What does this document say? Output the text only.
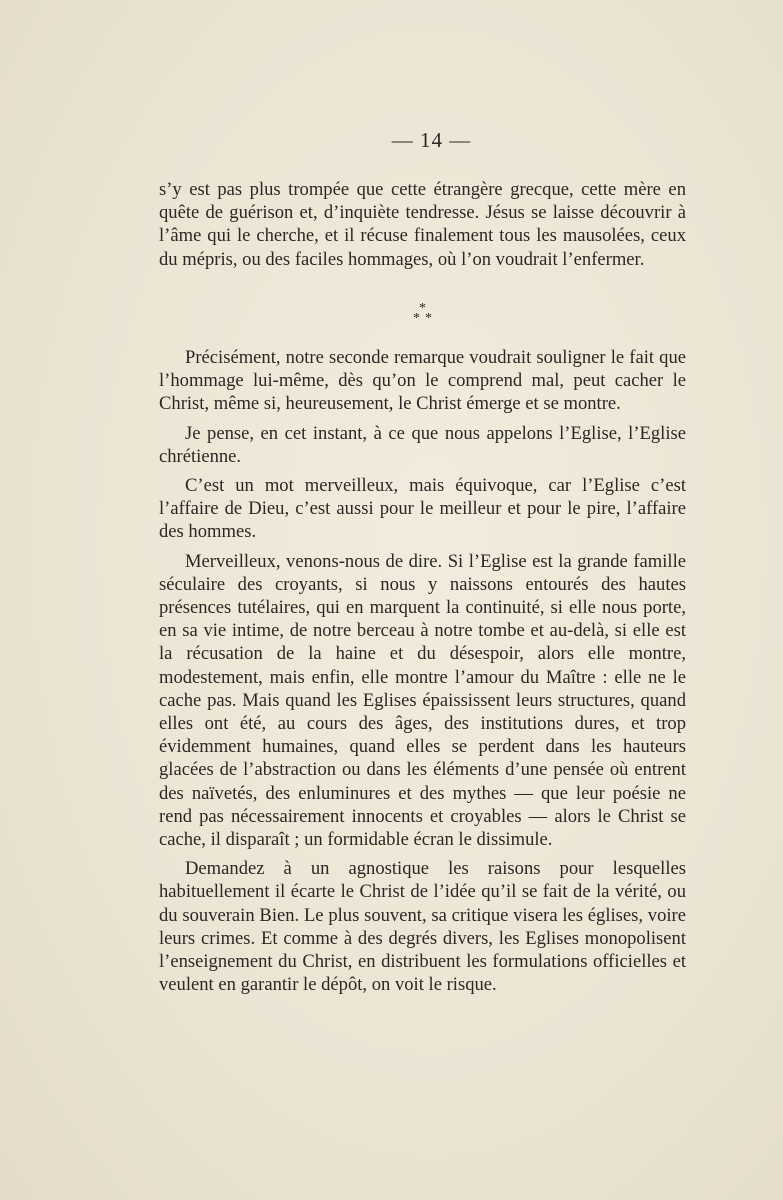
— 14 —

s’y est pas plus trompée que cette étrangère grecque, cette mère en quête de guérison et, d’inquiète tendresse. Jésus se laisse découvrir à l’âme qui le cherche, et il récuse finalement tous les mausolées, ceux du mépris, ou des faciles hommages, où l’on voudrait l’enfermer.

*
* *

Précisément, notre seconde remarque voudrait souligner le fait que l’hommage lui-même, dès qu’on le comprend mal, peut cacher le Christ, même si, heureusement, le Christ émerge et se montre.

Je pense, en cet instant, à ce que nous appelons l’Eglise, l’Eglise chrétienne.

C’est un mot merveilleux, mais équivoque, car l’Eglise c’est l’affaire de Dieu, c’est aussi pour le meilleur et pour le pire, l’affaire des hommes.

Merveilleux, venons-nous de dire. Si l’Eglise est la grande famille séculaire des croyants, si nous y naissons entourés des hautes présences tutélaires, qui en marquent la continuité, si elle nous porte, en sa vie intime, de notre berceau à notre tombe et au-delà, si elle est la récusation de la haine et du désespoir, alors elle montre, modestement, mais enfin, elle montre l’amour du Maître : elle ne le cache pas. Mais quand les Eglises épaississent leurs structures, quand elles ont été, au cours des âges, des institutions dures, et trop évidemment humaines, quand elles se perdent dans les hauteurs glacées de l’abstraction ou dans les éléments d’une pensée où entrent des naïvetés, des enluminures et des mythes — que leur poésie ne rend pas nécessairement innocents et croyables — alors le Christ se cache, il disparaît ; un formidable écran le dissimule.

Demandez à un agnostique les raisons pour lesquelles habituellement il écarte le Christ de l’idée qu’il se fait de la vérité, ou du souverain Bien. Le plus souvent, sa critique visera les églises, voire leurs crimes. Et comme à des degrés divers, les Eglises monopolisent l’enseignement du Christ, en distribuent les formulations officielles et veulent en garantir le dépôt, on voit le risque.
